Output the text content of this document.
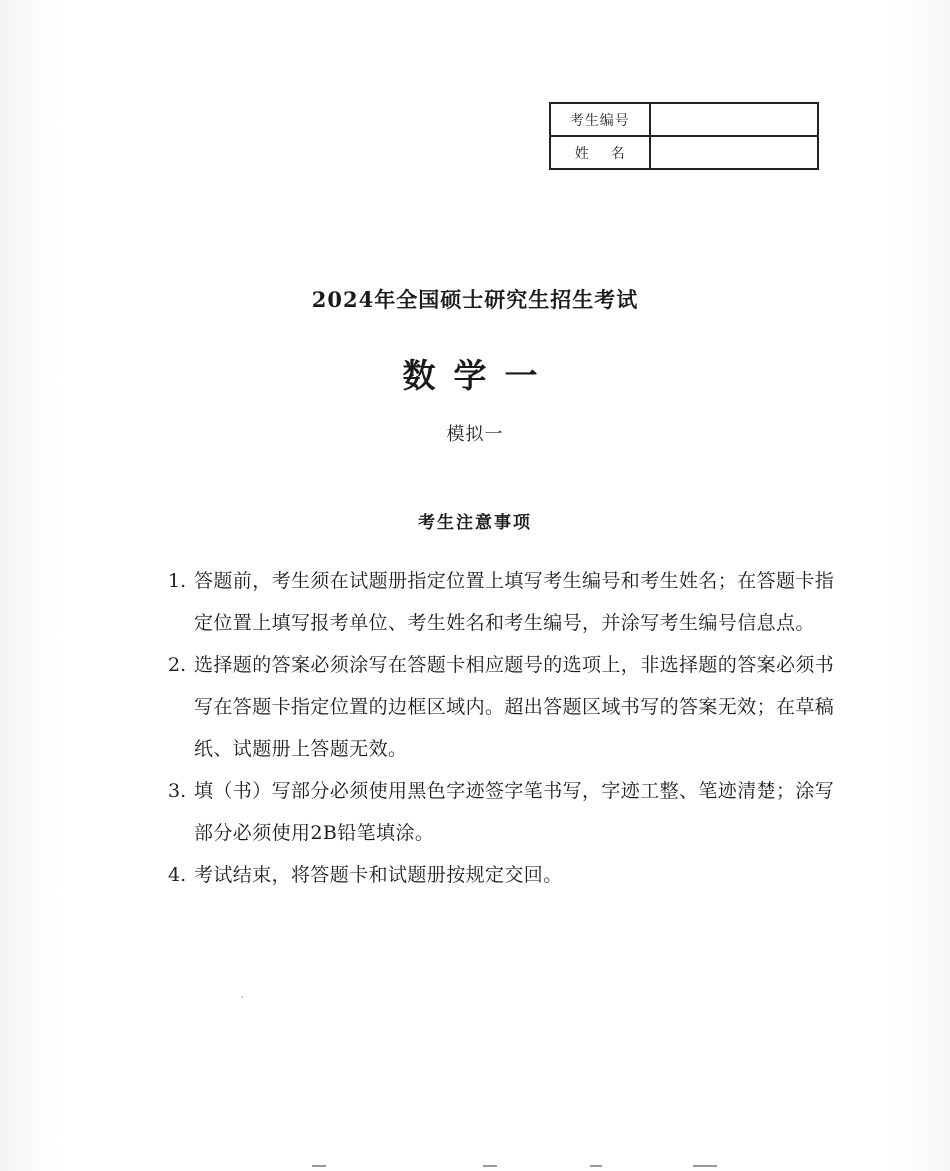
考生编号	
姓名	
2024年全国硕士研究生招生考试
数学一
模拟一
考生注意事项
1. 答题前，考生须在试题册指定位置上填写考生编号和考生姓名；在答题卡指定位置上填写报考单位、考生姓名和考生编号，并涂写考生编号信息点。
2. 选择题的答案必须涂写在答题卡相应题号的选项上，非选择题的答案必须书写在答题卡指定位置的边框区域内。超出答题区域书写的答案无效；在草稿纸、试题册上答题无效。
3. 填（书）写部分必须使用黑色字迹签字笔书写，字迹工整、笔迹清楚；涂写部分必须使用2B铅笔填涂。
4. 考试结束，将答题卡和试题册按规定交回。
